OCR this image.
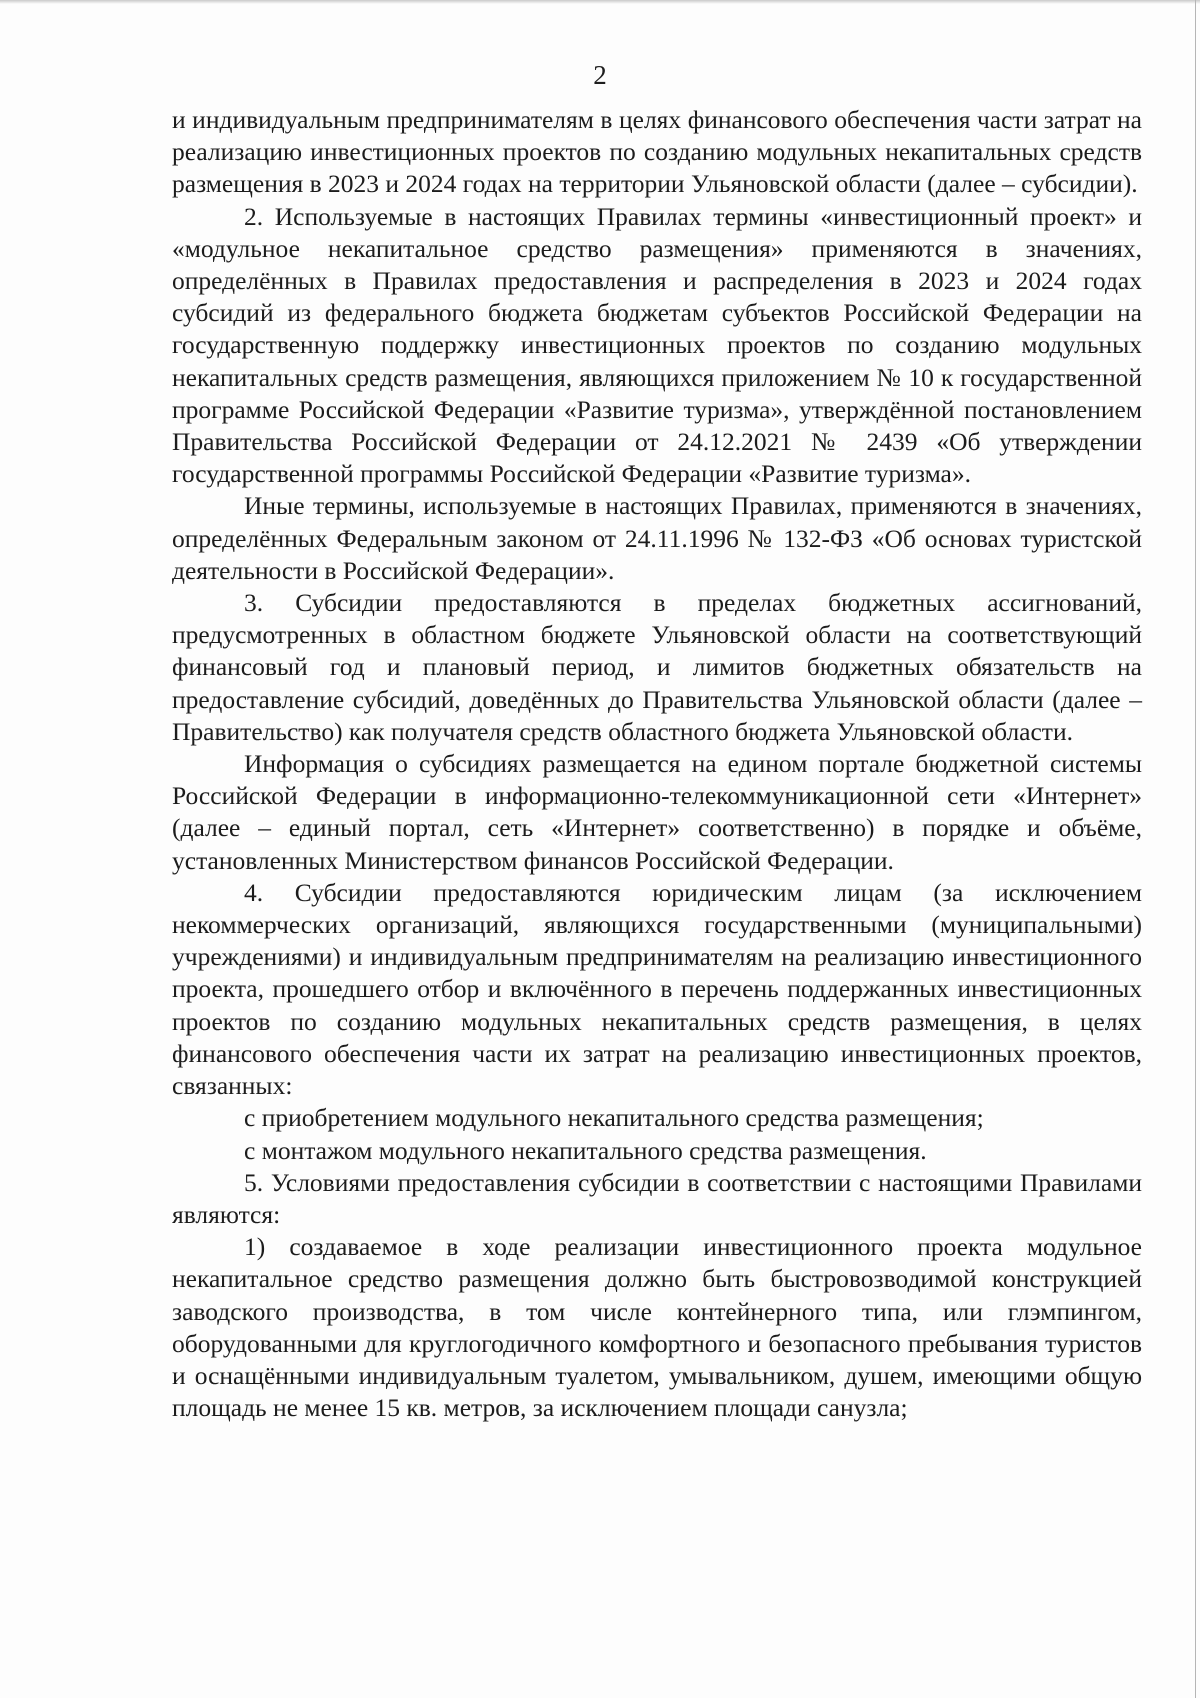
2

и индивидуальным предпринимателям в целях финансового обеспечения части затрат на реализацию инвестиционных проектов по созданию модульных некапитальных средств размещения в 2023 и 2024 годах на территории Ульяновской области (далее – субсидии).

2. Используемые в настоящих Правилах термины «инвестиционный проект» и «модульное некапитальное средство размещения» применяются в значениях, определённых в Правилах предоставления и распределения в 2023 и 2024 годах субсидий из федерального бюджета бюджетам субъектов Российской Федерации на государственную поддержку инвестиционных проектов по созданию модульных некапитальных средств размещения, являющихся приложением № 10 к государственной программе Российской Федерации «Развитие туризма», утверждённой постановлением Правительства Российской Федерации от 24.12.2021 № 2439 «Об утверждении государственной программы Российской Федерации «Развитие туризма».

Иные термины, используемые в настоящих Правилах, применяются в значениях, определённых Федеральным законом от 24.11.1996 № 132-ФЗ «Об основах туристской деятельности в Российской Федерации».

3. Субсидии предоставляются в пределах бюджетных ассигнований, предусмотренных в областном бюджете Ульяновской области на соответствующий финансовый год и плановый период, и лимитов бюджетных обязательств на предоставление субсидий, доведённых до Правительства Ульяновской области (далее – Правительство) как получателя средств областного бюджета Ульяновской области.

Информация о субсидиях размещается на едином портале бюджетной системы Российской Федерации в информационно-телекоммуникационной сети «Интернет» (далее – единый портал, сеть «Интернет» соответственно) в порядке и объёме, установленных Министерством финансов Российской Федерации.

4. Субсидии предоставляются юридическим лицам (за исключением некоммерческих организаций, являющихся государственными (муниципальными) учреждениями) и индивидуальным предпринимателям на реализацию инвестиционного проекта, прошедшего отбор и включённого в перечень поддержанных инвестиционных проектов по созданию модульных некапитальных средств размещения, в целях финансового обеспечения части их затрат на реализацию инвестиционных проектов, связанных:

с приобретением модульного некапитального средства размещения;

с монтажом модульного некапитального средства размещения.

5. Условиями предоставления субсидии в соответствии с настоящими Правилами являются:

1) создаваемое в ходе реализации инвестиционного проекта модульное некапитальное средство размещения должно быть быстровозводимой конструкцией заводского производства, в том числе контейнерного типа, или глэмпингом, оборудованными для круглогодичного комфортного и безопасного пребывания туристов и оснащёнными индивидуальным туалетом, умывальником, душем, имеющими общую площадь не менее 15 кв. метров, за исключением площади санузла;
